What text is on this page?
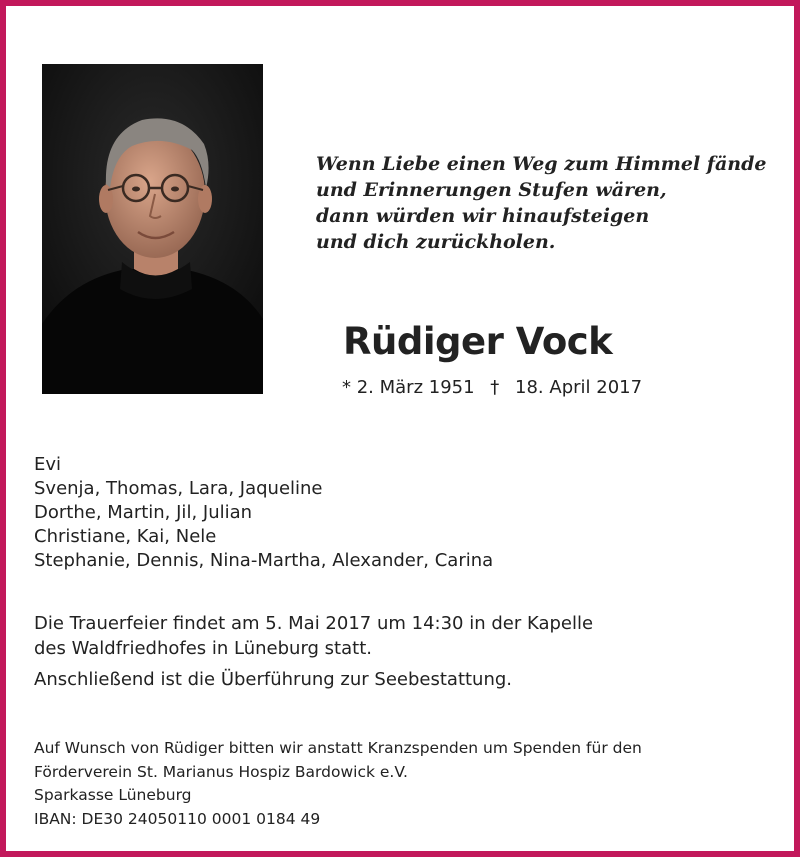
Wenn Liebe einen Weg zum Himmel fände
und Erinnerungen Stufen wären,
dann würden wir hinaufsteigen
und dich zurückholen.
Rüdiger Vock
* 2. März 1951 † 18. April 2017
Evi
Svenja, Thomas, Lara, Jaqueline
Dorthe, Martin, Jil, Julian
Christiane, Kai, Nele
Stephanie, Dennis, Nina-Martha, Alexander, Carina
Die Trauerfeier findet am 5. Mai 2017 um 14:30 in der Kapelle
des Waldfriedhofes in Lüneburg statt.
Anschließend ist die Überführung zur Seebestattung.
Auf Wunsch von Rüdiger bitten wir anstatt Kranzspenden um Spenden für den
Förderverein St. Marianus Hospiz Bardowick e.V.
Sparkasse Lüneburg
IBAN: DE30 24050110 0001 0184 49
